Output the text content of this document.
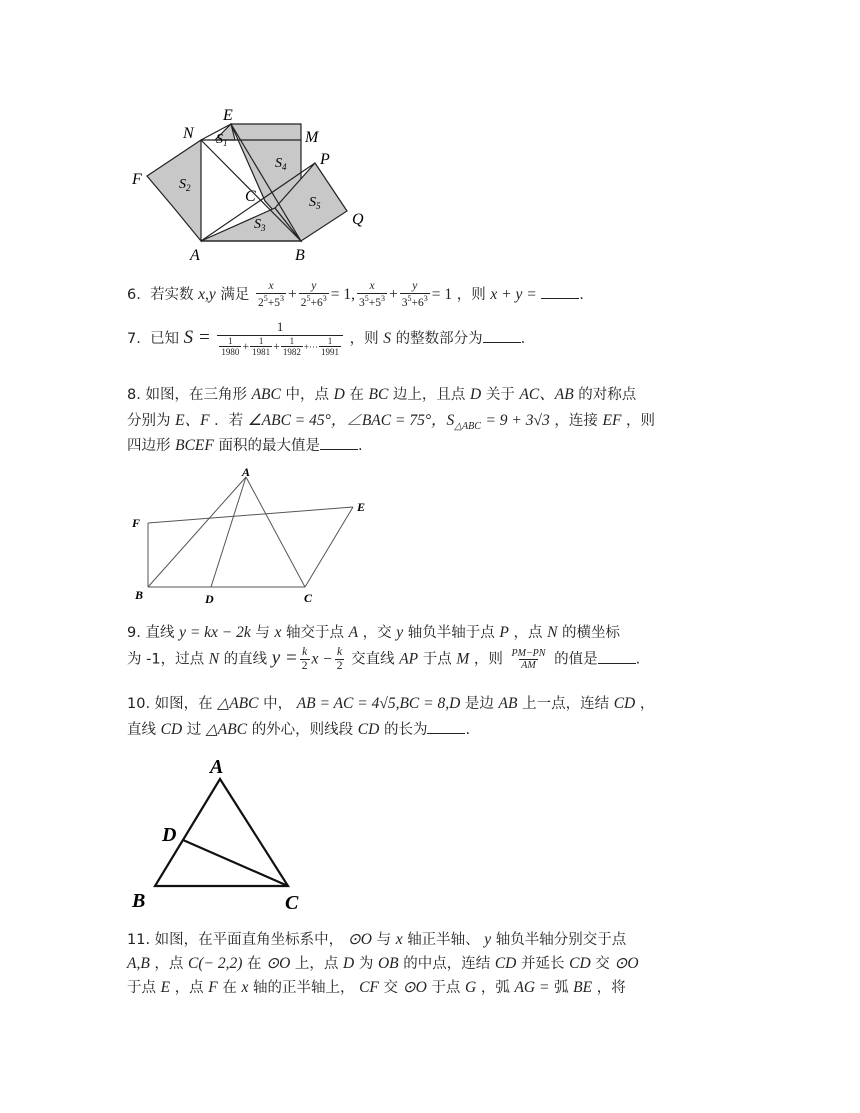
N
E
M
P
F
C
Q
A	B
$S_1$
$S_2$
$S_3$
$S_4$
$S_5$
6. 若实数 x,y 满足 $\frac{x}{2^5+5^3} + \frac{y}{2^5+6^3} = 1$, $\frac{x}{3^5+5^3} + \frac{y}{3^5+6^3} = 1$ ，则 x + y =	.
7. 已知 $S = \frac{1}{\frac{1}{1980} + \frac{1}{1981} + \frac{1}{1982} +\cdot\cdot\cdot \frac{1}{1991}}$ ，则 S 的整数部分为	.
8. 如图，在三角形 ABC 中，点 D 在 BC 边上，且点 D 关于 AC、AB 的对称点
分别为 E、F ．若 ∠ABC = 45°，∠BAC = 75°，$S_{\triangle ABC} = 9 + 3√3$ ，连接 EF ，则
四边形 BCEF 面积的最大值是	.
A
E
F
B	D	C
9. 直线 y = kx − 2k 与 x 轴交于点 A ，交 y 轴负半轴于点 P ，点 N 的横坐标
为 -1，过点 N 的直线 $y = \frac{k}{2}$ $x - \frac{k}{2}$ 交直线 AP 于点 M ，则 $\frac{PM-PN}{AM}$ 的值是	.
10. 如图，在 △ABC 中， AB = AC = 4√5,BC = 8,D 是边 AB 上一点，连结 CD ，
直线 CD 过 △ABC 的外心，则线段 CD 的长为	.
A
D
B	C
11. 如图，在平面直角坐标系中， ⊙O 与 x 轴正半轴、 y 轴负半轴分别交于点
A,B ，点 C(− 2,2) 在 ⊙O 上，点 D 为 OB 的中点，连结 CD 并延长 CD 交 ⊙O
于点 E ，点 F 在 x 轴的正半轴上， CF 交 ⊙O 于点 G ，弧 AG = 弧 BE ，将
